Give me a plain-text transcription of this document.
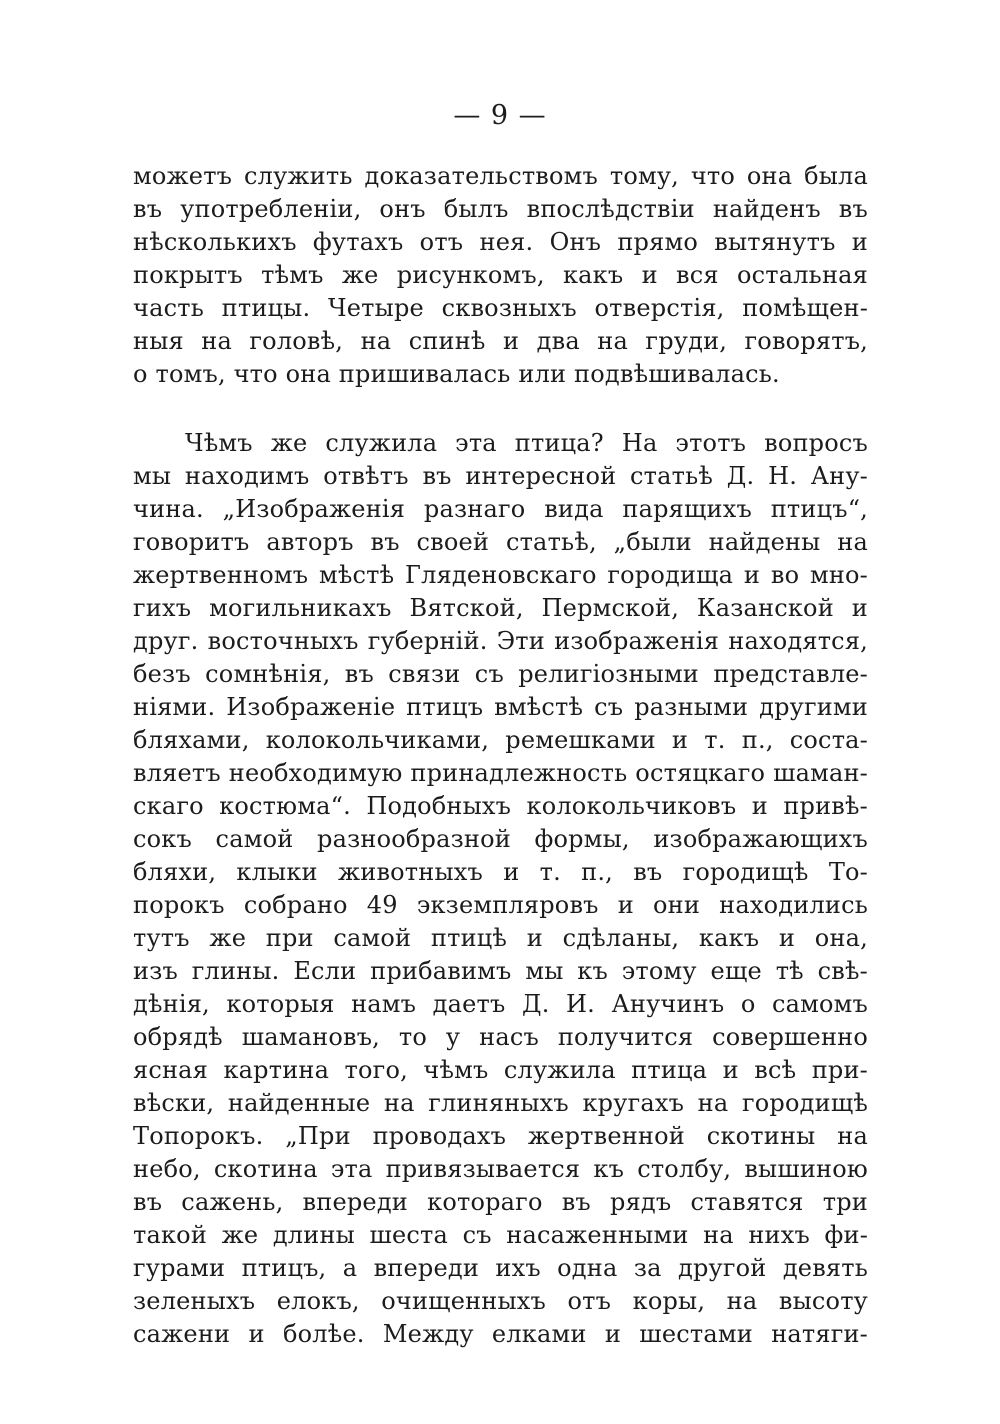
— 9 —
можетъ служить доказательствомъ тому, что она была
въ употребленіи, онъ былъ впослѣдствіи найденъ въ
нѣсколькихъ футахъ отъ нея. Онъ прямо вытянутъ и
покрытъ тѣмъ же рисункомъ, какъ и вся остальная
часть птицы. Четыре сквозныхъ отверстія, помѣщен-
ныя на головѣ, на спинѣ и два на груди, говорятъ,
о томъ, что она пришивалась или подвѣшивалась.
Чѣмъ же служила эта птица? На этотъ вопросъ
мы находимъ отвѣтъ въ интересной статьѣ Д. Н. Ану-
чина. „Изображенія разнаго вида парящихъ птицъ“,
говоритъ авторъ въ своей статьѣ, „были найдены на
жертвенномъ мѣстѣ Гляденовскаго городища и во мно-
гихъ могильникахъ Вятской, Пермской, Казанской и
друг. восточныхъ губерній. Эти изображенія находятся,
безъ сомнѣнія, въ связи съ религіозными представле-
ніями. Изображеніе птицъ вмѣстѣ съ разными другими
бляхами, колокольчиками, ремешками и т. п., соста-
вляетъ необходимую принадлежность остяцкаго шаман-
скаго костюма“. Подобныхъ колокольчиковъ и привѣ-
сокъ самой разнообразной формы, изображающихъ
бляхи, клыки животныхъ и т. п., въ городищѣ То-
порокъ собрано 49 экземпляровъ и они находились
тутъ же при самой птицѣ и сдѣланы, какъ и она,
изъ глины. Если прибавимъ мы къ этому еще тѣ свѣ-
дѣнія, которыя намъ даетъ Д. И. Анучинъ о самомъ
обрядѣ шамановъ, то у насъ получится совершенно
ясная картина того, чѣмъ служила птица и всѣ при-
вѣски, найденные на глиняныхъ кругахъ на городищѣ
Топорокъ. „При проводахъ жертвенной скотины на
небо, скотина эта привязывается къ столбу, вышиною
въ сажень, впереди котораго въ рядъ ставятся три
такой же длины шеста съ насаженными на нихъ фи-
гурами птицъ, а впереди ихъ одна за другой девять
зеленыхъ елокъ, очищенныхъ отъ коры, на высоту
сажени и болѣе. Между елками и шестами натяги-
